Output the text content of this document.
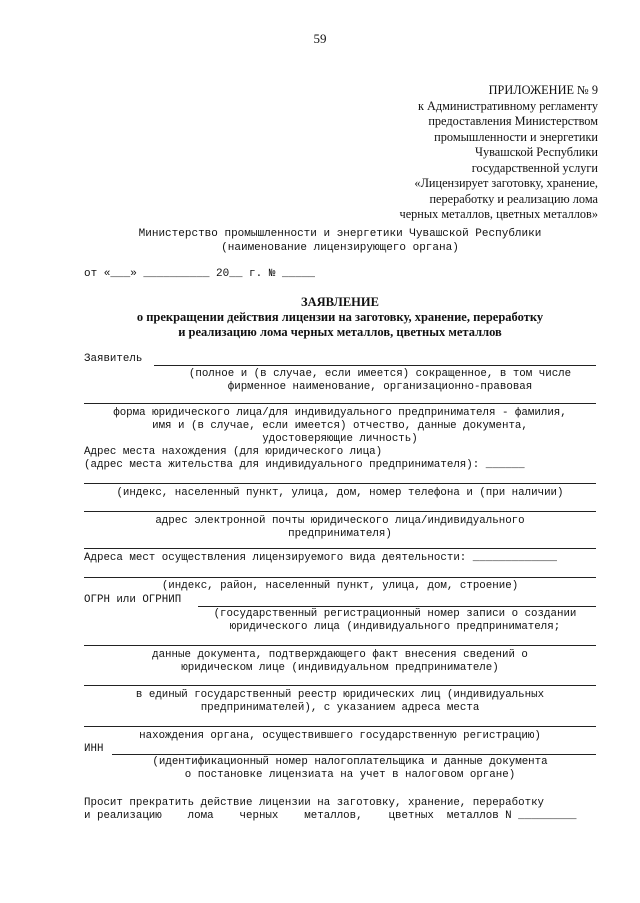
59
ПРИЛОЖЕНИЕ № 9
к Административному регламенту
предоставления Министерством
промышленности и энергетики
Чувашской Республики
государственной услуги
«Лицензирует заготовку, хранение,
переработку и реализацию лома
черных металлов, цветных металлов»
Министерство промышленности и энергетики Чувашской Республики
(наименование лицензирующего органа)
от «___» __________ 20__ г. № _____
ЗАЯВЛЕНИЕ
о прекращении действия лицензии на заготовку, хранение, переработку
и реализацию лома черных металлов, цветных металлов
Заявитель
(полное и (в случае, если имеется) сокращенное, в том числе
фирменное наименование, организационно-правовая
форма юридического лица/для индивидуального предпринимателя - фамилия,
имя и (в случае, если имеется) отчество, данные документа,
удостоверяющие личность)
Адрес места нахождения (для юридического лица)
(адрес места жительства для индивидуального предпринимателя): ______
(индекс, населенный пункт, улица, дом, номер телефона и (при наличии)
адрес электронной почты юридического лица/индивидуального
предпринимателя)
Адреса мест осуществления лицензируемого вида деятельности: _____________
(индекс, район, населенный пункт, улица, дом, строение)
ОГРН или ОГРНИП
(государственный регистрационный номер записи о создании
юридического лица (индивидуального предпринимателя;
данные документа, подтверждающего факт внесения сведений о
юридическом лице (индивидуальном предпринимателе)
в единый государственный реестр юридических лиц (индивидуальных
предпринимателей), с указанием адреса места
нахождения органа, осуществившего государственную регистрацию)
ИНН
(идентификационный номер налогоплательщика и данные документа
о постановке лицензиата на учет в налоговом органе)
Просит прекратить действие лицензии на заготовку, хранение, переработку
и реализацию    лома    черных    металлов,    цветных  металлов N _________
